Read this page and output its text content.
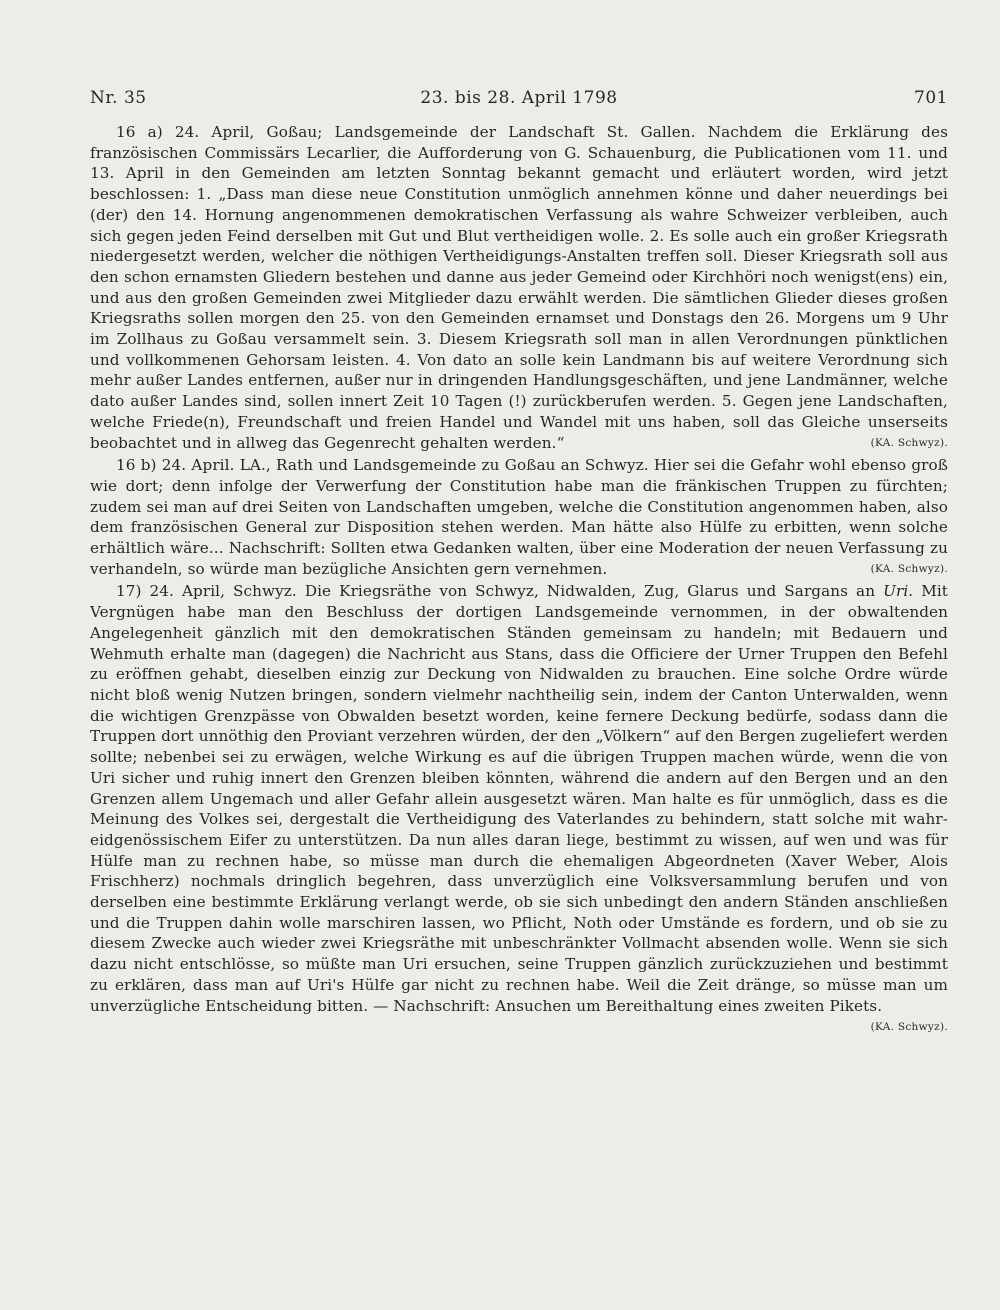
Nr. 35	23. bis 28. April 1798	701

16 a) 24. April, Goßau; Landsgemeinde der Landschaft St. Gallen. Nachdem die Erklärung des französischen Commissärs Lecarlier, die Aufforderung von G. Schauenburg, die Publicationen vom 11. und 13. April in den Gemeinden am letzten Sonntag bekannt gemacht und erläutert worden, wird jetzt beschlossen: 1. „Dass man diese neue Constitution unmöglich annehmen könne und daher neuerdings bei (der) den 14. Hornung angenommenen demokratischen Verfassung als wahre Schweizer verbleiben, auch sich gegen jeden Feind derselben mit Gut und Blut vertheidigen wolle. 2. Es solle auch ein großer Kriegsrath niedergesetzt werden, welcher die nöthigen Vertheidigungs-Anstalten treffen soll. Dieser Kriegsrath soll aus den schon ernamsten Gliedern bestehen und danne aus jeder Gemeind oder Kirchhöri noch wenigst(ens) ein, und aus den großen Gemeinden zwei Mitglieder dazu erwählt werden. Die sämtlichen Glieder dieses großen Kriegsraths sollen morgen den 25. von den Gemeinden ernamset und Donstags den 26. Morgens um 9 Uhr im Zollhaus zu Goßau versammelt sein. 3. Diesem Kriegsrath soll man in allen Verordnungen pünktlichen und vollkommenen Gehorsam leisten. 4. Von dato an solle kein Landmann bis auf weitere Verordnung sich mehr außer Landes entfernen, außer nur in dringenden Handlungsgeschäften, und jene Landmänner, welche dato außer Landes sind, sollen innert Zeit 10 Tagen (!) zurückberufen werden. 5. Gegen jene Landschaften, welche Friede(n), Freundschaft und freien Handel und Wandel mit uns haben, soll das Gleiche unserseits beobachtet und in allweg das Gegenrecht gehalten werden.“	(KA. Schwyz).

16 b) 24. April. LA., Rath und Landsgemeinde zu Goßau an Schwyz. Hier sei die Gefahr wohl ebenso groß wie dort; denn infolge der Verwerfung der Constitution habe man die fränkischen Truppen zu fürchten; zudem sei man auf drei Seiten von Landschaften umgeben, welche die Constitution angenommen haben, also dem französischen General zur Disposition stehen werden. Man hätte also Hülfe zu erbitten, wenn solche erhältlich wäre... Nachschrift: Sollten etwa Gedanken walten, über eine Moderation der neuen Verfassung zu verhandeln, so würde man bezügliche Ansichten gern vernehmen.	(KA. Schwyz).

17) 24. April, Schwyz. Die Kriegsräthe von Schwyz, Nidwalden, Zug, Glarus und Sargans an Uri. Mit Vergnügen habe man den Beschluss der dortigen Landsgemeinde vernommen, in der obwaltenden Angelegenheit gänzlich mit den demokratischen Ständen gemeinsam zu handeln; mit Bedauern und Wehmuth erhalte man (dagegen) die Nachricht aus Stans, dass die Officiere der Urner Truppen den Befehl zu eröffnen gehabt, dieselben einzig zur Deckung von Nidwalden zu brauchen. Eine solche Ordre würde nicht bloß wenig Nutzen bringen, sondern vielmehr nachtheilig sein, indem der Canton Unterwalden, wenn die wichtigen Grenzpässe von Obwalden besetzt worden, keine fernere Deckung bedürfe, sodass dann die Truppen dort unnöthig den Proviant verzehren würden, der den „Völkern“ auf den Bergen zugeliefert werden sollte; nebenbei sei zu erwägen, welche Wirkung es auf die übrigen Truppen machen würde, wenn die von Uri sicher und ruhig innert den Grenzen bleiben könnten, während die andern auf den Bergen und an den Grenzen allem Ungemach und aller Gefahr allein ausgesetzt wären. Man halte es für unmöglich, dass es die Meinung des Volkes sei, dergestalt die Vertheidigung des Vaterlandes zu behindern, statt solche mit wahr-eidgenössischem Eifer zu unterstützen. Da nun alles daran liege, bestimmt zu wissen, auf wen und was für Hülfe man zu rechnen habe, so müsse man durch die ehemaligen Abgeordneten (Xaver Weber, Alois Frischherz) nochmals dringlich begehren, dass unverzüglich eine Volksversammlung berufen und von derselben eine bestimmte Erklärung verlangt werde, ob sie sich unbedingt den andern Ständen anschließen und die Truppen dahin wolle marschiren lassen, wo Pflicht, Noth oder Umstände es fordern, und ob sie zu diesem Zwecke auch wieder zwei Kriegsräthe mit unbeschränkter Vollmacht absenden wolle. Wenn sie sich dazu nicht entschlösse, so müßte man Uri ersuchen, seine Truppen gänzlich zurückzuziehen und bestimmt zu erklären, dass man auf Uri's Hülfe gar nicht zu rechnen habe. Weil die Zeit dränge, so müsse man um unverzügliche Entscheidung bitten. — Nachschrift: Ansuchen um Bereithaltung eines zweiten Pikets.

(KA. Schwyz).
